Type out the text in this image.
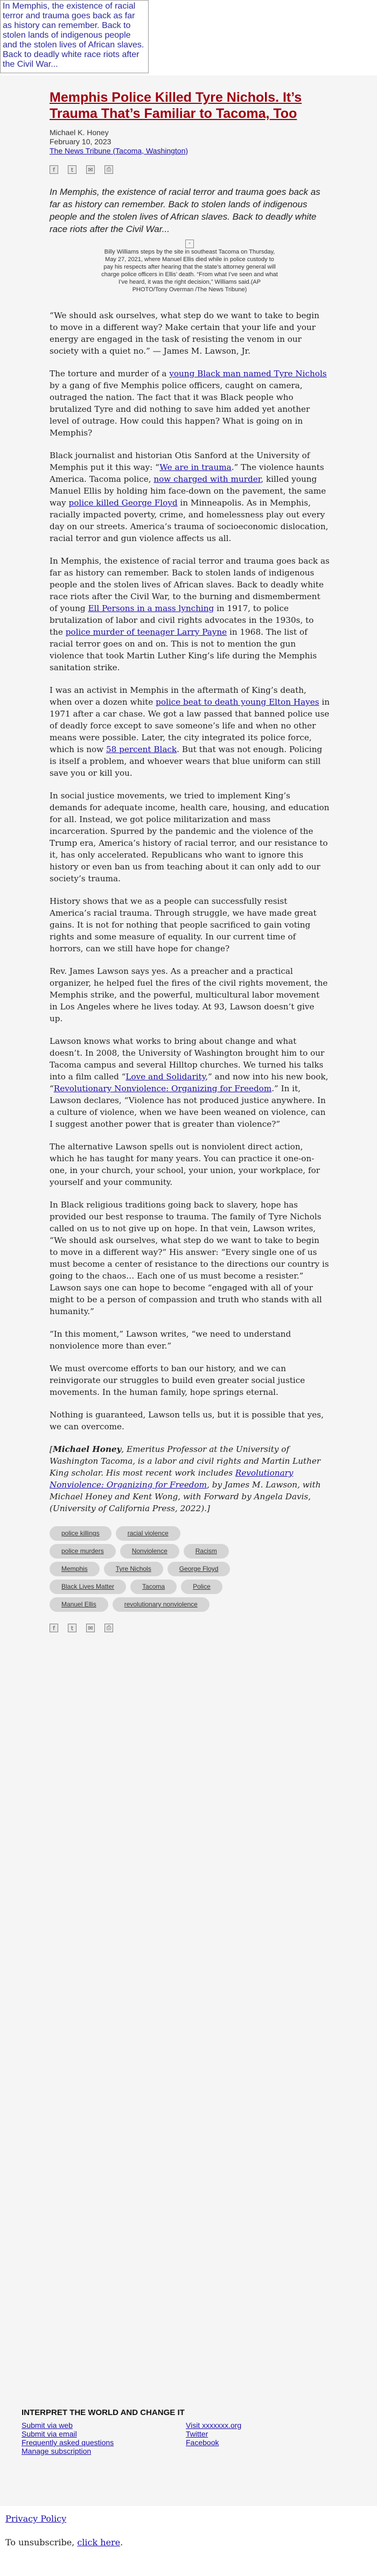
In Memphis, the existence of racial terror and trauma goes back as far as history can remember. Back to stolen lands of indigenous people and the stolen lives of African slaves. Back to deadly white race riots after the Civil War...
Memphis Police Killed Tyre Nichols. It’s Trauma That’s Familiar to Tacoma, Too
Michael K. Honey
February 10, 2023
The News Tribune (Tacoma, Washington)
f	t	✉	⎙
In Memphis, the existence of racial terror and trauma goes back as far as history can remember. Back to stolen lands of indigenous people and the stolen lives of African slaves. Back to deadly white race riots after the Civil War...
▫
Billy Williams steps by the site in southeast Tacoma on Thursday, May 27, 2021, where Manuel Ellis died while in police custody to pay his respects after hearing that the state’s attorney general will charge police officers in Ellis’ death. “From what I’ve seen and what I’ve heard, it was the right decision,” Williams said.(AP PHOTO/Tony Overman /The News Tribune)

“We should ask ourselves, what step do we want to take to begin to move in a different way? Make certain that your life and your energy are engaged in the task of resisting the venom in our society with a quiet no.” — James M. Lawson, Jr.

The torture and murder of a young Black man named Tyre Nichols by a gang of five Memphis police officers, caught on camera, outraged the nation. The fact that it was Black people who brutalized Tyre and did nothing to save him added yet another level of outrage. How could this happen? What is going on in Memphis?

Black journalist and historian Otis Sanford at the University of Memphis put it this way: “We are in trauma.” The violence haunts America. Tacoma police, now charged with murder, killed young Manuel Ellis by holding him face-down on the pavement, the same way police killed George Floyd in Minneapolis. As in Memphis, racially impacted poverty, crime, and homelessness play out every day on our streets. America’s trauma of socioeconomic dislocation, racial terror and gun violence affects us all.

In Memphis, the existence of racial terror and trauma goes back as far as history can remember. Back to stolen lands of indigenous people and the stolen lives of African slaves. Back to deadly white race riots after the Civil War, to the burning and dismemberment of young Ell Persons in a mass lynching in 1917, to police brutalization of labor and civil rights advocates in the 1930s, to the police murder of teenager Larry Payne in 1968. The list of racial terror goes on and on. This is not to mention the gun violence that took Martin Luther King’s life during the Memphis sanitation strike.

I was an activist in Memphis in the aftermath of King’s death, when over a dozen white police beat to death young Elton Hayes in 1971 after a car chase. We got a law passed that banned police use of deadly force except to save someone’s life and when no other means were possible. Later, the city integrated its police force, which is now 58 percent Black. But that was not enough. Policing is itself a problem, and whoever wears that blue uniform can still save you or kill you.

In social justice movements, we tried to implement King’s demands for adequate income, health care, housing, and education for all. Instead, we got police militarization and mass incarceration. Spurred by the pandemic and the violence of the Trump era, America’s history of racial terror, and our resistance to it, has only accelerated. Republicans who want to ignore this history or even ban us from teaching about it can only add to our society’s trauma.

History shows that we as a people can successfully resist America’s racial trauma. Through struggle, we have made great gains. It is not for nothing that people sacrificed to gain voting rights and some measure of equality. In our current time of horrors, can we still have hope for change?

Rev. James Lawson says yes. As a preacher and a practical organizer, he helped fuel the fires of the civil rights movement, the Memphis strike, and the powerful, multicultural labor movement in Los Angeles where he lives today. At 93, Lawson doesn’t give up.

Lawson knows what works to bring about change and what doesn’t. In 2008, the University of Washington brought him to our Tacoma campus and several Hilltop churches. We turned his talks into a film called “Love and Solidarity,” and now into his new book, “Revolutionary Nonviolence: Organizing for Freedom.” In it, Lawson declares, “Violence has not produced justice anywhere. In a culture of violence, when we have been weaned on violence, can I suggest another power that is greater than violence?”

The alternative Lawson spells out is nonviolent direct action, which he has taught for many years. You can practice it one-on-one, in your church, your school, your union, your workplace, for yourself and your community.

In Black religious traditions going back to slavery, hope has provided our best response to trauma. The family of Tyre Nichols called on us to not give up on hope. In that vein, Lawson writes, “We should ask ourselves, what step do we want to take to begin to move in a different way?” His answer: “Every single one of us must become a center of resistance to the directions our country is going to the chaos… Each one of us must become a resister.” Lawson says one can hope to become “engaged with all of your might to be a person of compassion and truth who stands with all humanity.”

“In this moment,” Lawson writes, “we need to understand nonviolence more than ever.”

We must overcome efforts to ban our history, and we can reinvigorate our struggles to build even greater social justice movements. In the human family, hope springs eternal.

Nothing is guaranteed, Lawson tells us, but it is possible that yes, we can overcome.

[Michael Honey, Emeritus Professor at the University of Washington Tacoma, is a labor and civil rights and Martin Luther King scholar. His most recent work includes Revolutionary Nonviolence: Organizing for Freedom, by James M. Lawson, with Michael Honey and Kent Wong, with Forward by Angela Davis, (University of California Press, 2022).]

police killings	racial violence
police murders	Nonviolence	Racism
Memphis	Tyre Nichols	George Floyd
Black Lives Matter	Tacoma	Police
Manuel Ellis	revolutionary nonviolence
f	t	✉	⎙
INTERPRET THE WORLD AND CHANGE IT
Submit via web
Submit via email
Frequently asked questions
Manage subscription
Visit xxxxxxx.org
Twitter
Facebook
Privacy Policy

To unsubscribe, click here.
